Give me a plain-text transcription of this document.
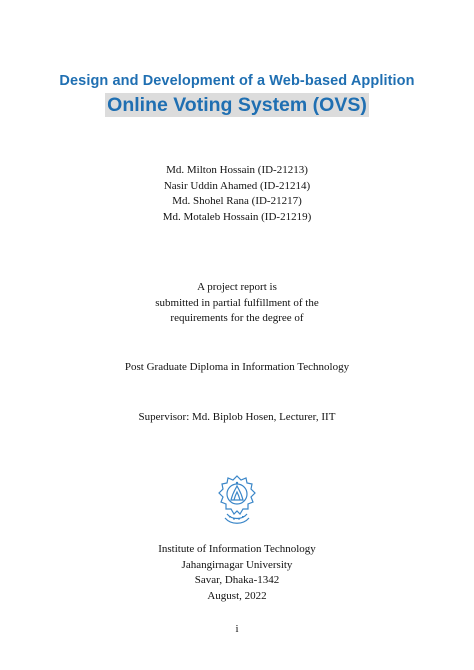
Design and Development of a Web-based Applition
Online Voting System (OVS)
Md. Milton Hossain (ID-21213)
Nasir Uddin Ahamed (ID-21214)
Md. Shohel Rana (ID-21217)
Md. Motaleb Hossain (ID-21219)
A project report is
submitted in partial fulfillment of the
requirements for the degree of
Post Graduate Diploma in Information Technology
Supervisor: Md. Biplob Hosen, Lecturer, IIT
Institute of Information Technology
Jahangirnagar University
Savar, Dhaka-1342
August, 2022
i
